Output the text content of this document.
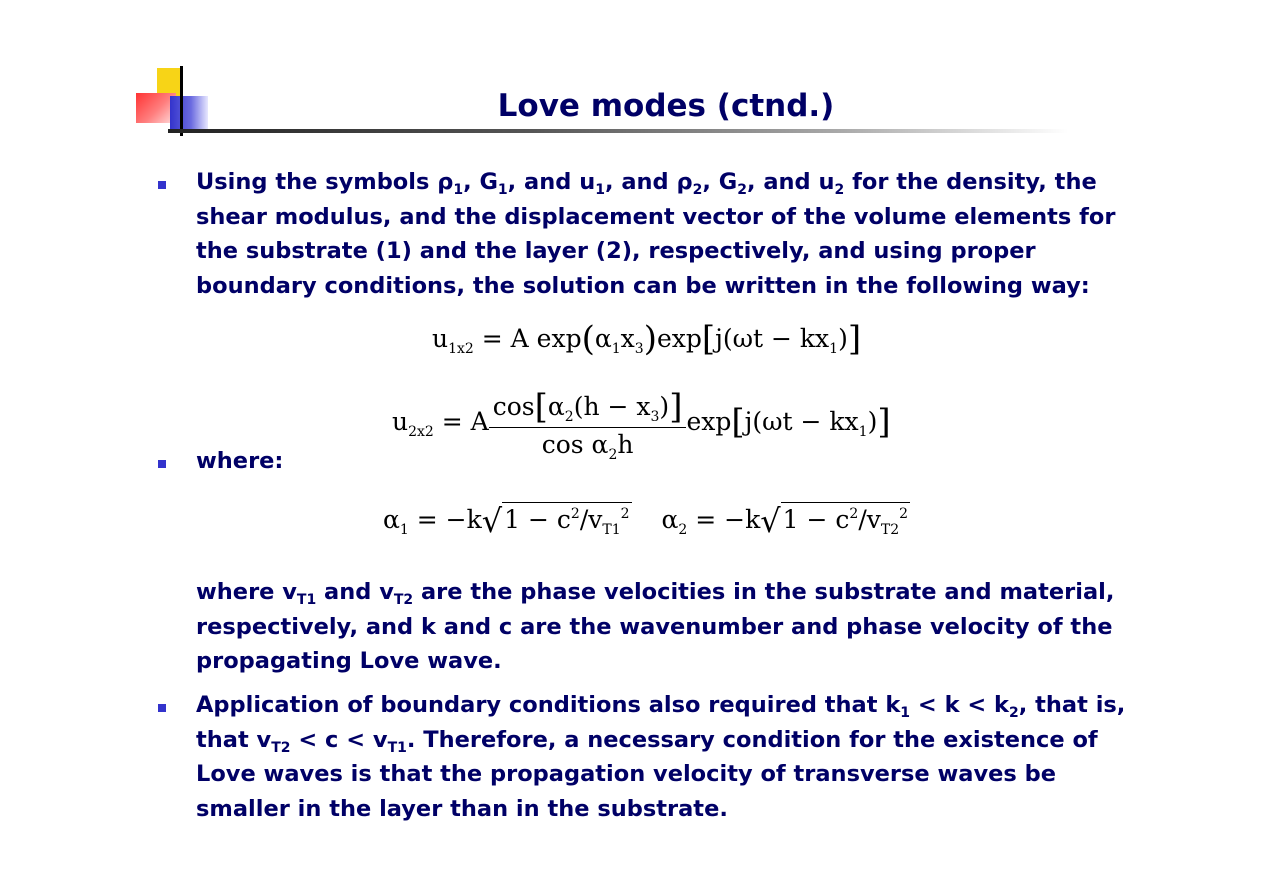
Love modes (ctnd.)
Using the symbols $\rho_1$, $G_1$, and $u_1$, and $\rho_2$, $G_2$, and $u_2$ for the density, the shear modulus, and the displacement vector of the volume elements for the substrate (1) and the layer (2), respectively, and using proper boundary conditions, the solution can be written in the following way:
$u_{1x2} = A$ $\exp(\alpha_1x_3)\exp[j(\omega t - kx_1)]$
$u_{2x2} = A \frac{\cos[\alpha_2(h - x_3)]}{\cos \alpha_2h} \exp[j(\omega t - kx_1)]$
where:
$\alpha_1 = -k√1 - c^2/v_{T1}^2$ $\alpha_2 = -k√1 - c^2/v_{T2}^2$
where $v_{T1}$ and $v_{T2}$ are the phase velocities in the substrate and material, respectively, and k and c are the wavenumber and phase velocity of the propagating Love wave.
Application of boundary conditions also required that $k_1 < k < k_2$, that is, that $v_{T2} < c < v_{T1}$. Therefore, a necessary condition for the existence of Love waves is that the propagation velocity of transverse waves be smaller in the layer than in the substrate.
